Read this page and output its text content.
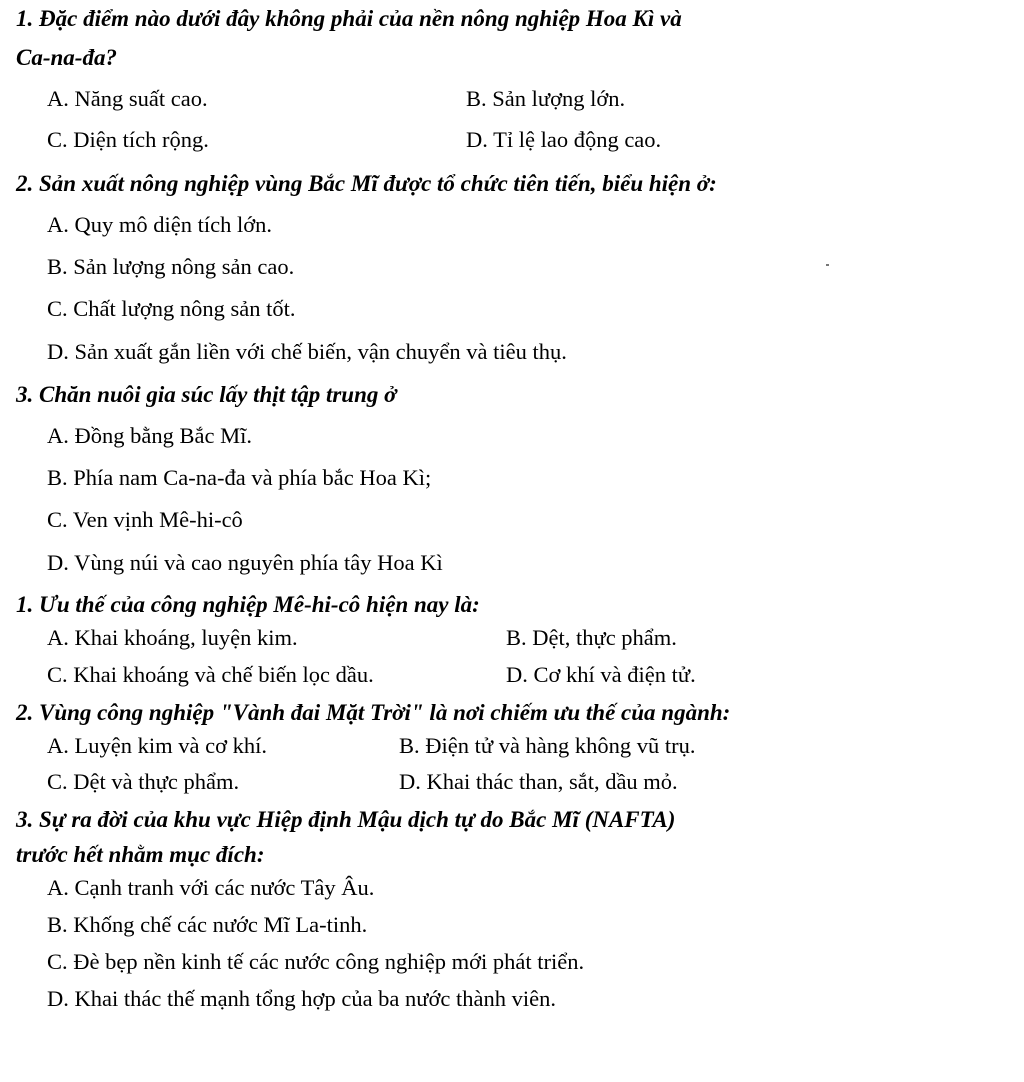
1. Đặc điểm nào dưới đây không phải của nền nông nghiệp Hoa Kì và
Ca-na-đa?
A. Năng suất cao.	B. Sản lượng lớn.
C. Diện tích rộng.	D. Tỉ lệ lao động cao.
2. Sản xuất nông nghiệp vùng Bắc Mĩ được tổ chức tiên tiến, biểu hiện ở:
A. Quy mô diện tích lớn.
B. Sản lượng nông sản cao.
C. Chất lượng nông sản tốt.
D. Sản xuất gắn liền với chế biến, vận chuyển và tiêu thụ.
3. Chăn nuôi gia súc lấy thịt tập trung ở
A. Đồng bằng Bắc Mĩ.
B. Phía nam Ca-na-đa và phía bắc Hoa Kì;
C. Ven vịnh Mê-hi-cô
D. Vùng núi và cao nguyên phía tây Hoa Kì
1. Ưu thế của công nghiệp Mê-hi-cô hiện nay là:
A. Khai khoáng, luyện kim.	B. Dệt, thực phẩm.
C. Khai khoáng và chế biến lọc dầu.	D. Cơ khí và điện tử.
2. Vùng công nghiệp "Vành đai Mặt Trời" là nơi chiếm ưu thế của ngành:
A. Luyện kim và cơ khí.	B. Điện tử và hàng không vũ trụ.
C. Dệt và thực phẩm.	D. Khai thác than, sắt, dầu mỏ.
3. Sự ra đời của khu vực Hiệp định Mậu dịch tự do Bắc Mĩ (NAFTA)
trước hết nhằm mục đích:
A. Cạnh tranh với các nước Tây Âu.
B. Khống chế các nước Mĩ La-tinh.
C. Đè bẹp nền kinh tế các nước công nghiệp mới phát triển.
D. Khai thác thế mạnh tổng hợp của ba nước thành viên.
